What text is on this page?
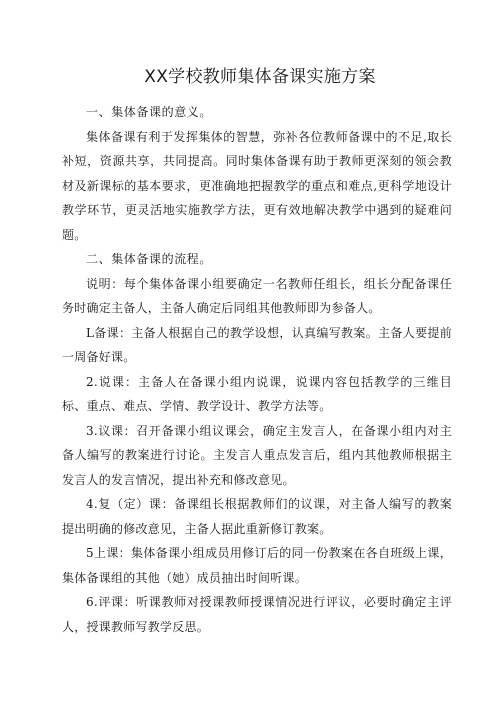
XX学校教师集体备课实施方案

一、集体备课的意义。

集体备课有利于发挥集体的智慧，弥补各位教师备课中的不足,取长补短，资源共享，共同提高。同时集体备课有助于教师更深刻的领会教材及新课标的基本要求，更准确地把握教学的重点和难点,更科学地设计教学环节，更灵活地实施教学方法，更有效地解决教学中遇到的疑难问题。

二、集体备课的流程。

说明：每个集体备课小组要确定一名教师任组长，组长分配备课任务时确定主备人，主备人确定后同组其他教师即为参备人。

L备课：主备人根据自己的教学设想，认真编写教案。主备人要提前一周备好课。

2.说课：主备人在备课小组内说课，说课内容包括教学的三维目标、重点、难点、学情、教学设计、教学方法等。

3.议课：召开备课小组议课会，确定主发言人，在备课小组内对主备人编写的教案进行讨论。主发言人重点发言后，组内其他教师根据主发言人的发言情况，提出补充和修改意见。

4.复（定）课：备课组长根据教师们的议课，对主备人编写的教案提出明确的修改意见，主备人据此重新修订教案。

5上课：集体备课小组成员用修订后的同一份教案在各自班级上课，集体备课组的其他（她）成员抽出时间听课。

6.评课：听课教师对授课教师授课情况进行评议，必要时确定主评人，授课教师写教学反思。
